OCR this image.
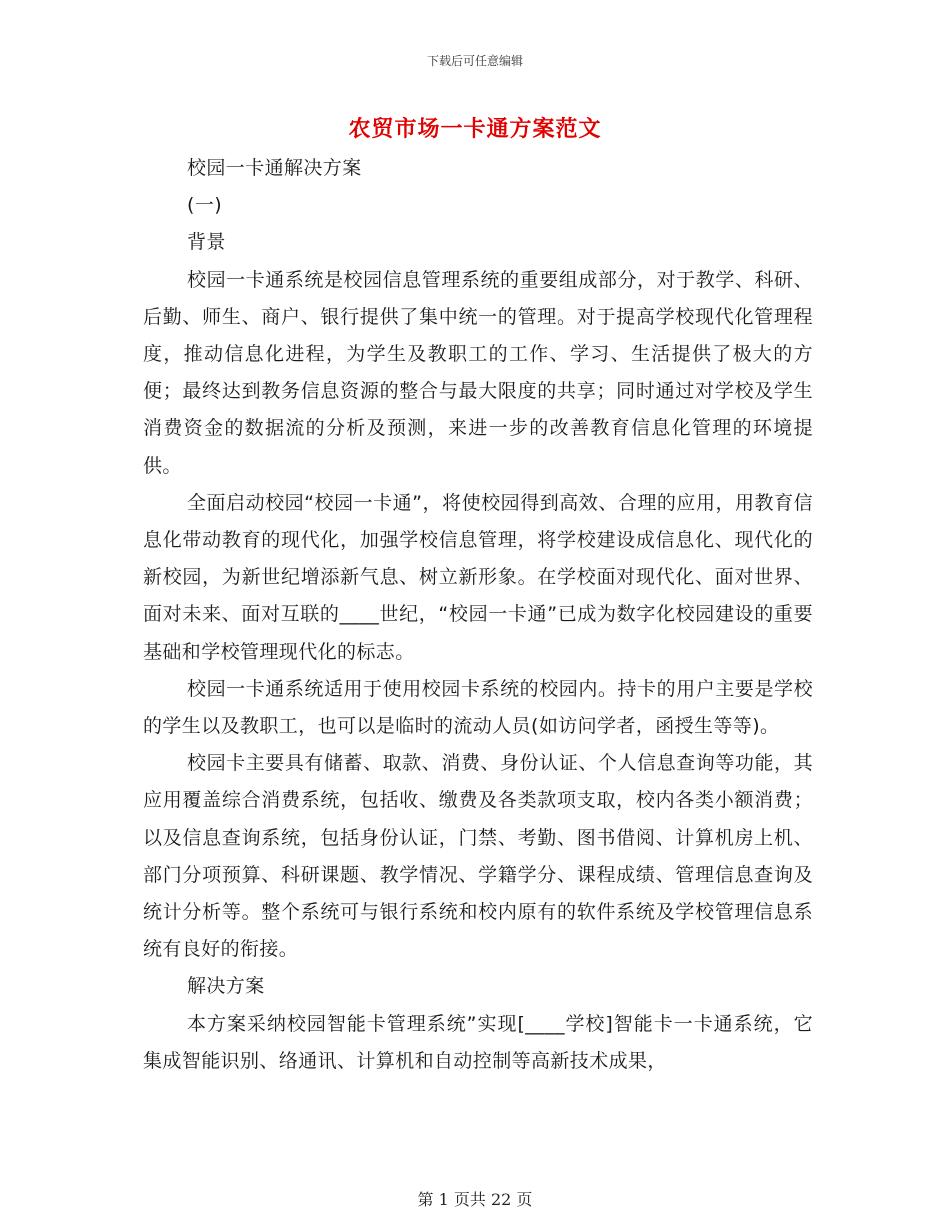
下载后可任意编辑
农贸市场一卡通方案范文

校园一卡通解决方案

(一)

背景

校园一卡通系统是校园信息管理系统的重要组成部分，对于教学、科研、后勤、师生、商户、银行提供了集中统一的管理。对于提高学校现代化管理程度，推动信息化进程，为学生及教职工的工作、学习、生活提供了极大的方便；最终达到教务信息资源的整合与最大限度的共享；同时通过对学校及学生消费资金的数据流的分析及预测，来进一步的改善教育信息化管理的环境提供。

全面启动校园“校园一卡通”，将使校园得到高效、合理的应用，用教育信息化带动教育的现代化，加强学校信息管理，将学校建设成信息化、现代化的新校园，为新世纪增添新气息、树立新形象。在学校面对现代化、面对世界、面对未来、面对互联的____世纪，“校园一卡通”已成为数字化校园建设的重要基础和学校管理现代化的标志。

校园一卡通系统适用于使用校园卡系统的校园内。持卡的用户主要是学校的学生以及教职工，也可以是临时的流动人员(如访问学者，函授生等等)。

校园卡主要具有储蓄、取款、消费、身份认证、个人信息查询等功能，其应用覆盖综合消费系统，包括收、缴费及各类款项支取，校内各类小额消费；以及信息查询系统，包括身份认证，门禁、考勤、图书借阅、计算机房上机、部门分项预算、科研课题、教学情况、学籍学分、课程成绩、管理信息查询及统计分析等。整个系统可与银行系统和校内原有的软件系统及学校管理信息系统有良好的衔接。

解决方案

本方案采纳校园智能卡管理系统”实现[____学校]智能卡一卡通系统，它集成智能识别、络通讯、计算机和自动控制等高新技术成果，

第 1 页共 22 页
